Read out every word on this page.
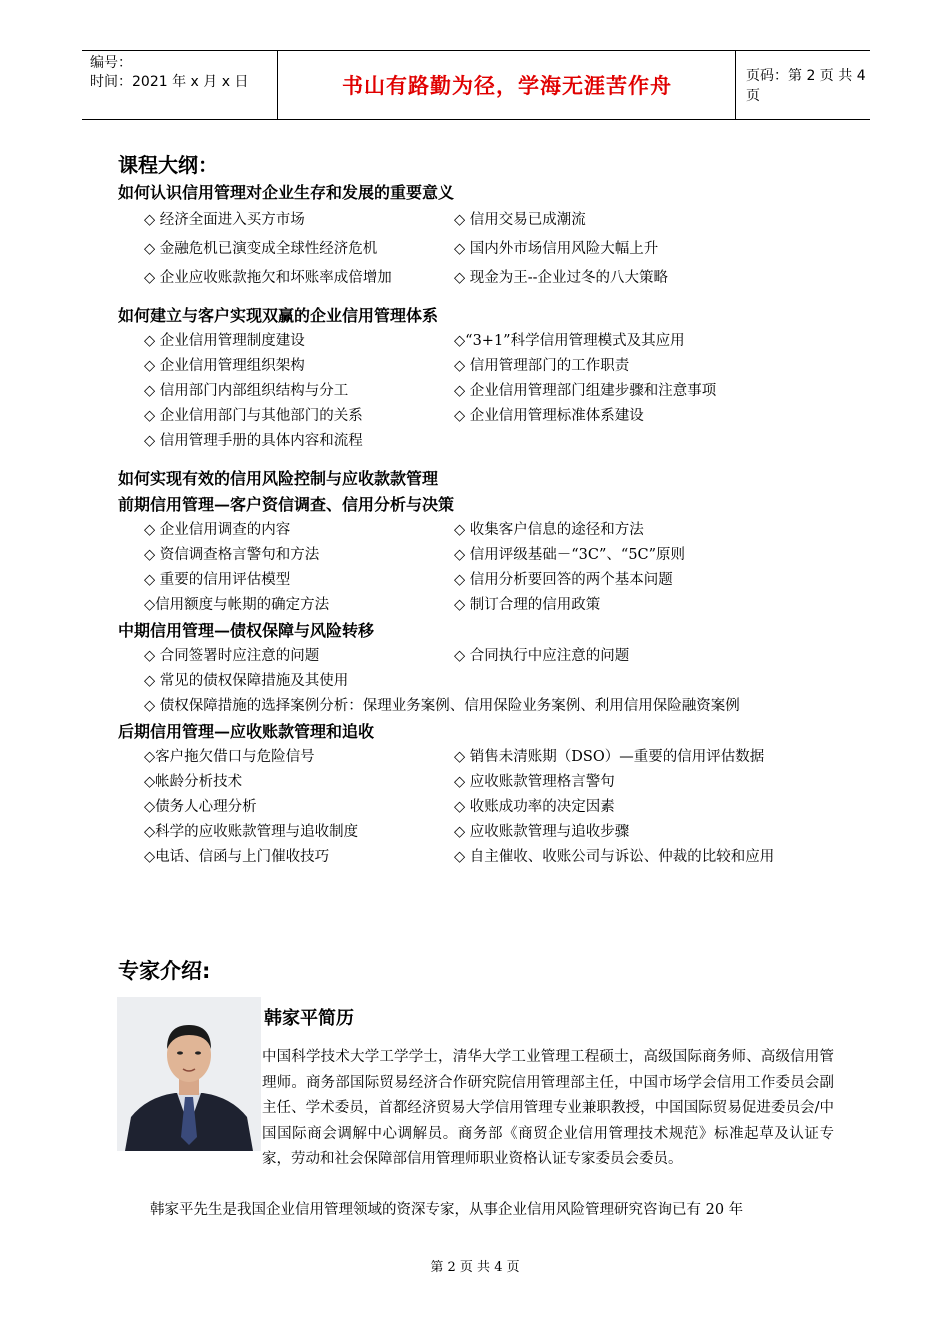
编号：
时间：2021 年 x 月 x 日	书山有路勤为径，学海无涯苦作舟	页码：第 2 页 共 4 页

课程大纲：

如何认识信用管理对企业生存和发展的重要意义

◇ 经济全面进入买方市场	◇ 信用交易已成潮流
◇ 金融危机已演变成全球性经济危机	◇ 国内外市场信用风险大幅上升
◇ 企业应收账款拖欠和坏账率成倍增加	◇ 现金为王--企业过冬的八大策略

如何建立与客户实现双赢的企业信用管理体系

◇ 企业信用管理制度建设	◇“3+1”科学信用管理模式及其应用
◇ 企业信用管理组织架构	◇ 信用管理部门的工作职责
◇ 信用部门内部组织结构与分工	◇ 企业信用管理部门组建步骤和注意事项
◇ 企业信用部门与其他部门的关系	◇ 企业信用管理标准体系建设
◇ 信用管理手册的具体内容和流程

如何实现有效的信用风险控制与应收款款管理

前期信用管理—客户资信调查、信用分析与决策

◇ 企业信用调查的内容	◇ 收集客户信息的途径和方法
◇ 资信调查格言警句和方法	◇ 信用评级基础－“3C”、“5C”原则
◇ 重要的信用评估模型	◇ 信用分析要回答的两个基本问题
◇信用额度与帐期的确定方法	◇ 制订合理的信用政策

中期信用管理—债权保障与风险转移

◇ 合同签署时应注意的问题	◇ 合同执行中应注意的问题
◇ 常见的债权保障措施及其使用
◇ 债权保障措施的选择案例分析：保理业务案例、信用保险业务案例、利用信用保险融资案例

后期信用管理—应收账款管理和追收

◇客户拖欠借口与危险信号	◇ 销售未清账期（DSO）—重要的信用评估数据
◇帐龄分析技术	◇ 应收账款管理格言警句
◇债务人心理分析	◇ 收账成功率的决定因素
◇科学的应收账款管理与追收制度	◇ 应收账款管理与追收步骤
◇电话、信函与上门催收技巧	◇ 自主催收、收账公司与诉讼、仲裁的比较和应用
专家介绍:
韩家平简历
中国科学技术大学工学学士，清华大学工业管理工程硕士，高级国际商务师、高级信用管理师。商务部国际贸易经济合作研究院信用管理部主任，中国市场学会信用工作委员会副主任、学术委员，首都经济贸易大学信用管理专业兼职教授，中国国际贸易促进委员会/中国国际商会调解中心调解员。商务部《商贸企业信用管理技术规范》标准起草及认证专家，劳动和社会保障部信用管理师职业资格认证专家委员会委员。
韩家平先生是我国企业信用管理领域的资深专家，从事企业信用风险管理研究咨询已有 20 年
第 2 页 共 4 页
